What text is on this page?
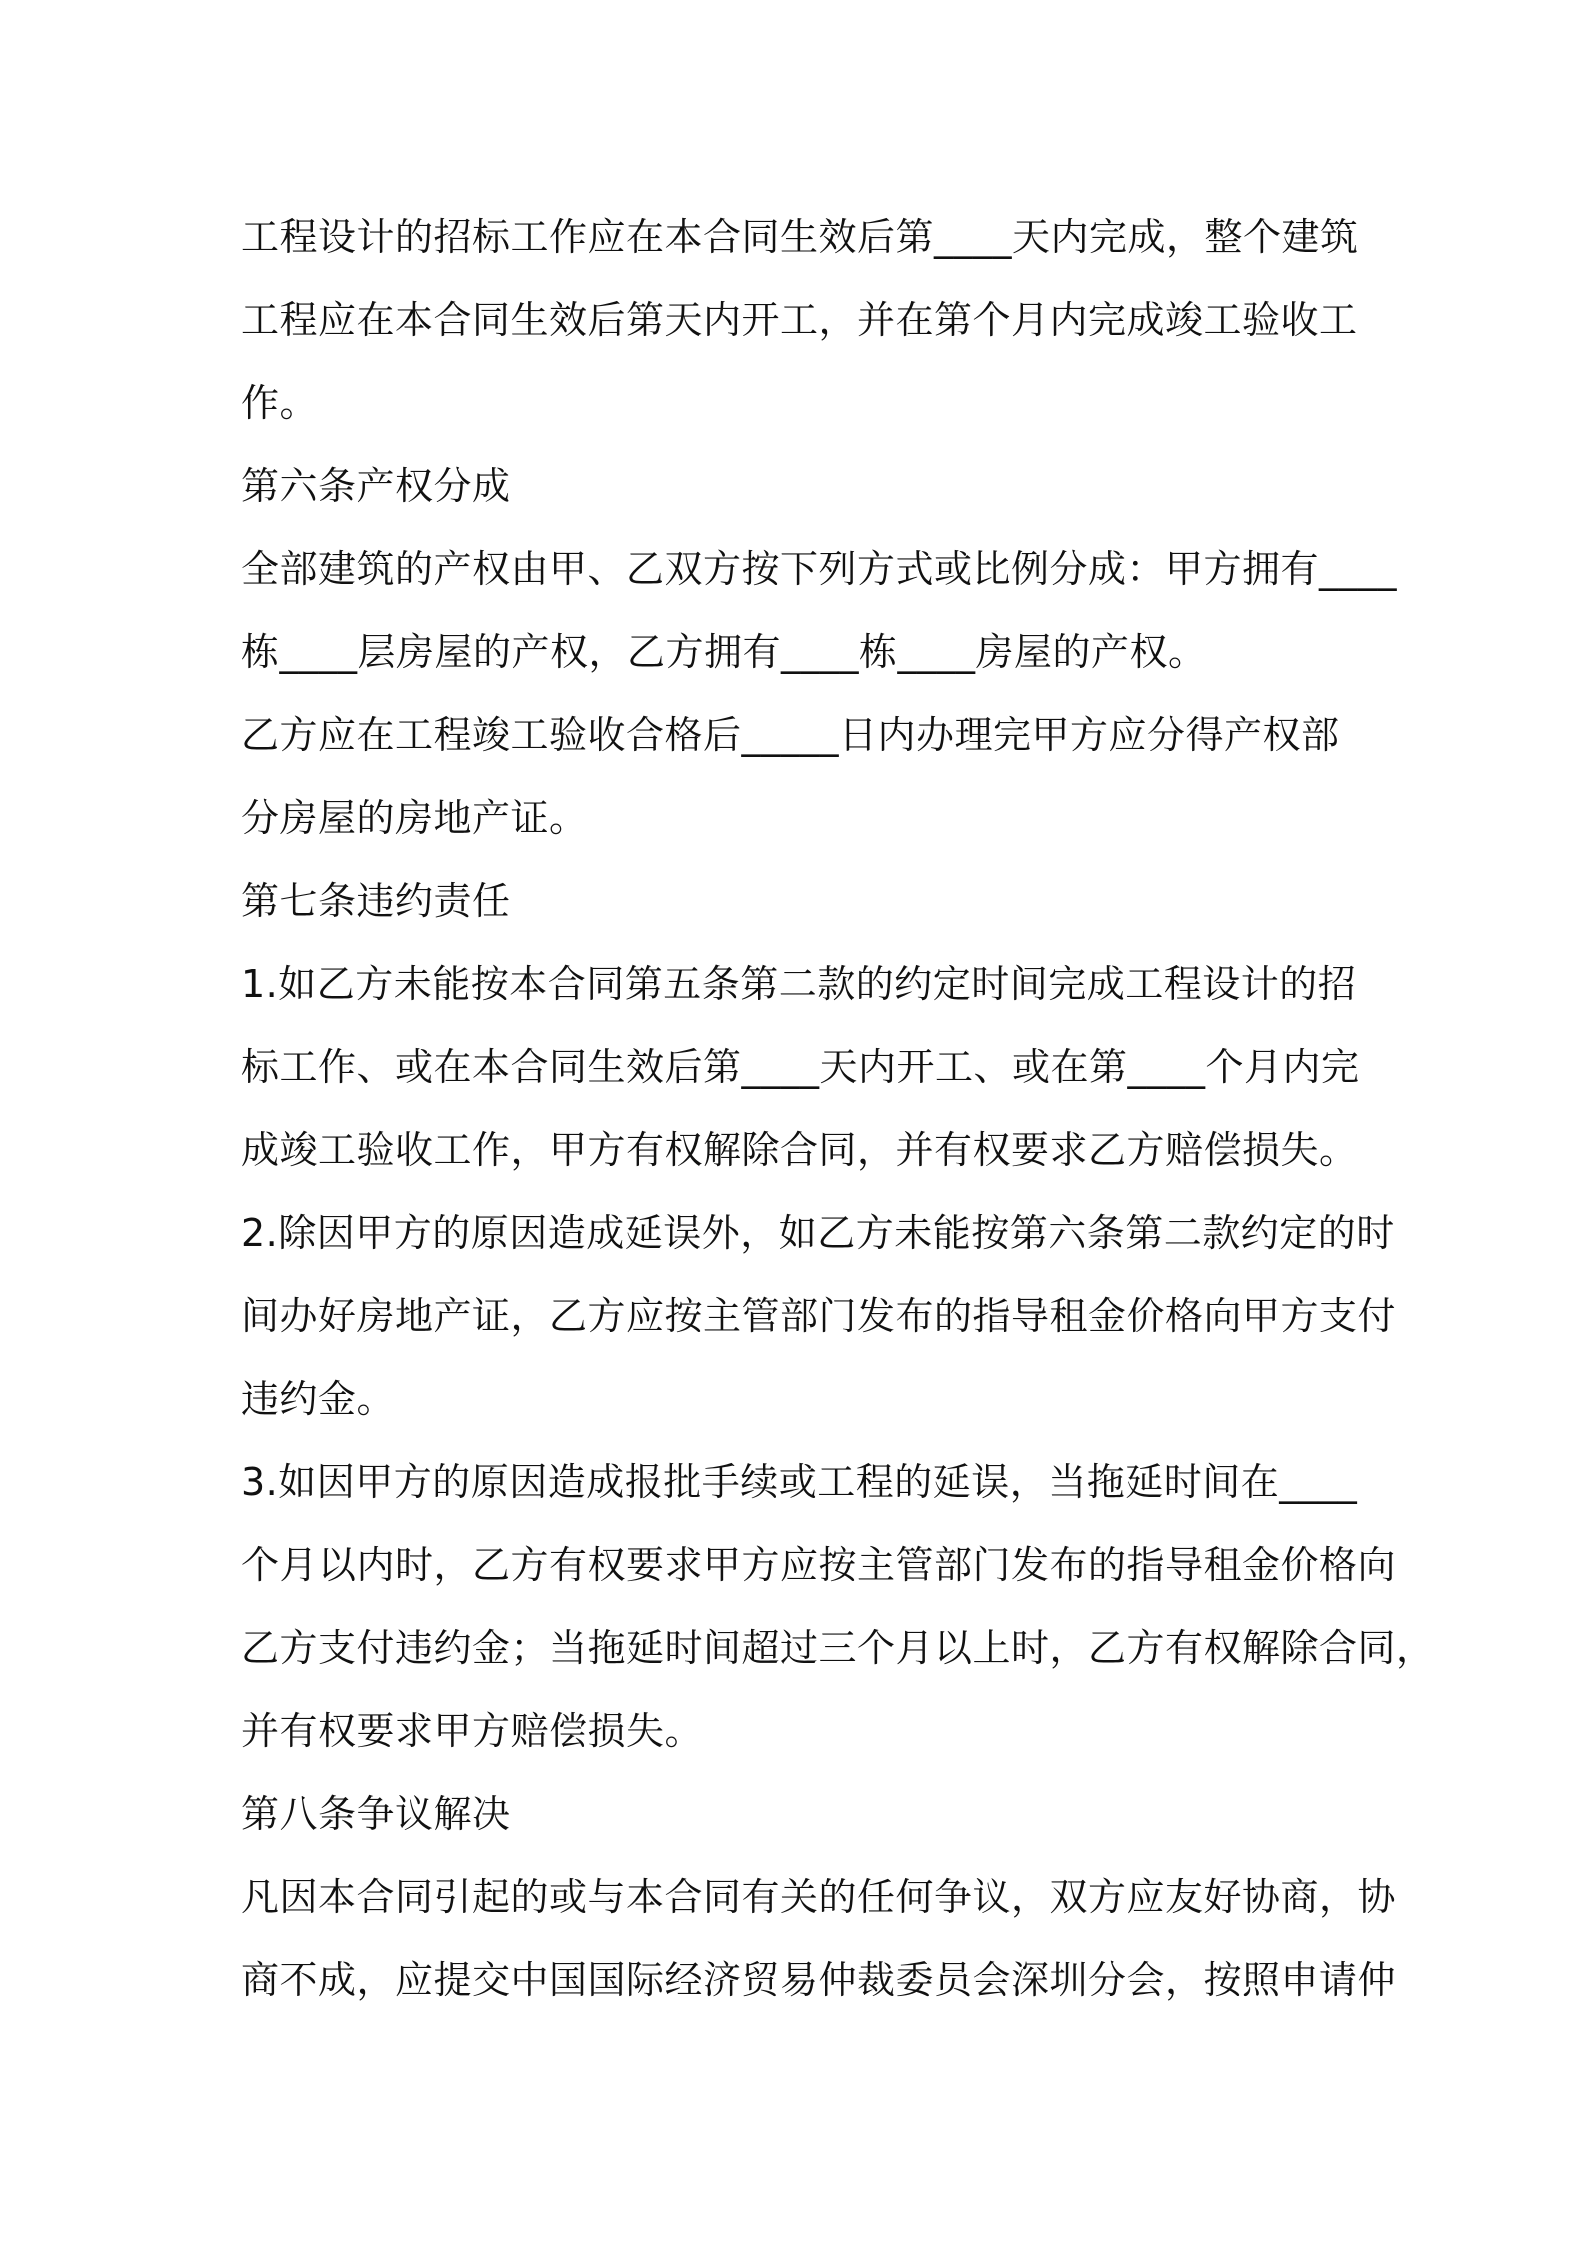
工程设计的招标工作应在本合同生效后第____天内完成，整个建筑
工程应在本合同生效后第天内开工，并在第个月内完成竣工验收工
作。
第六条产权分成
全部建筑的产权由甲、乙双方按下列方式或比例分成：甲方拥有____
栋____层房屋的产权，乙方拥有____栋____房屋的产权。
乙方应在工程竣工验收合格后_____日内办理完甲方应分得产权部
分房屋的房地产证。
第七条违约责任
1.如乙方未能按本合同第五条第二款的约定时间完成工程设计的招
标工作、或在本合同生效后第____天内开工、或在第____个月内完
成竣工验收工作，甲方有权解除合同，并有权要求乙方赔偿损失。
2.除因甲方的原因造成延误外，如乙方未能按第六条第二款约定的时
间办好房地产证，乙方应按主管部门发布的指导租金价格向甲方支付
违约金。
3.如因甲方的原因造成报批手续或工程的延误，当拖延时间在____
个月以内时，乙方有权要求甲方应按主管部门发布的指导租金价格向
乙方支付违约金；当拖延时间超过三个月以上时，乙方有权解除合同，
并有权要求甲方赔偿损失。
第八条争议解决
凡因本合同引起的或与本合同有关的任何争议，双方应友好协商，协
商不成，应提交中国国际经济贸易仲裁委员会深圳分会，按照申请仲
